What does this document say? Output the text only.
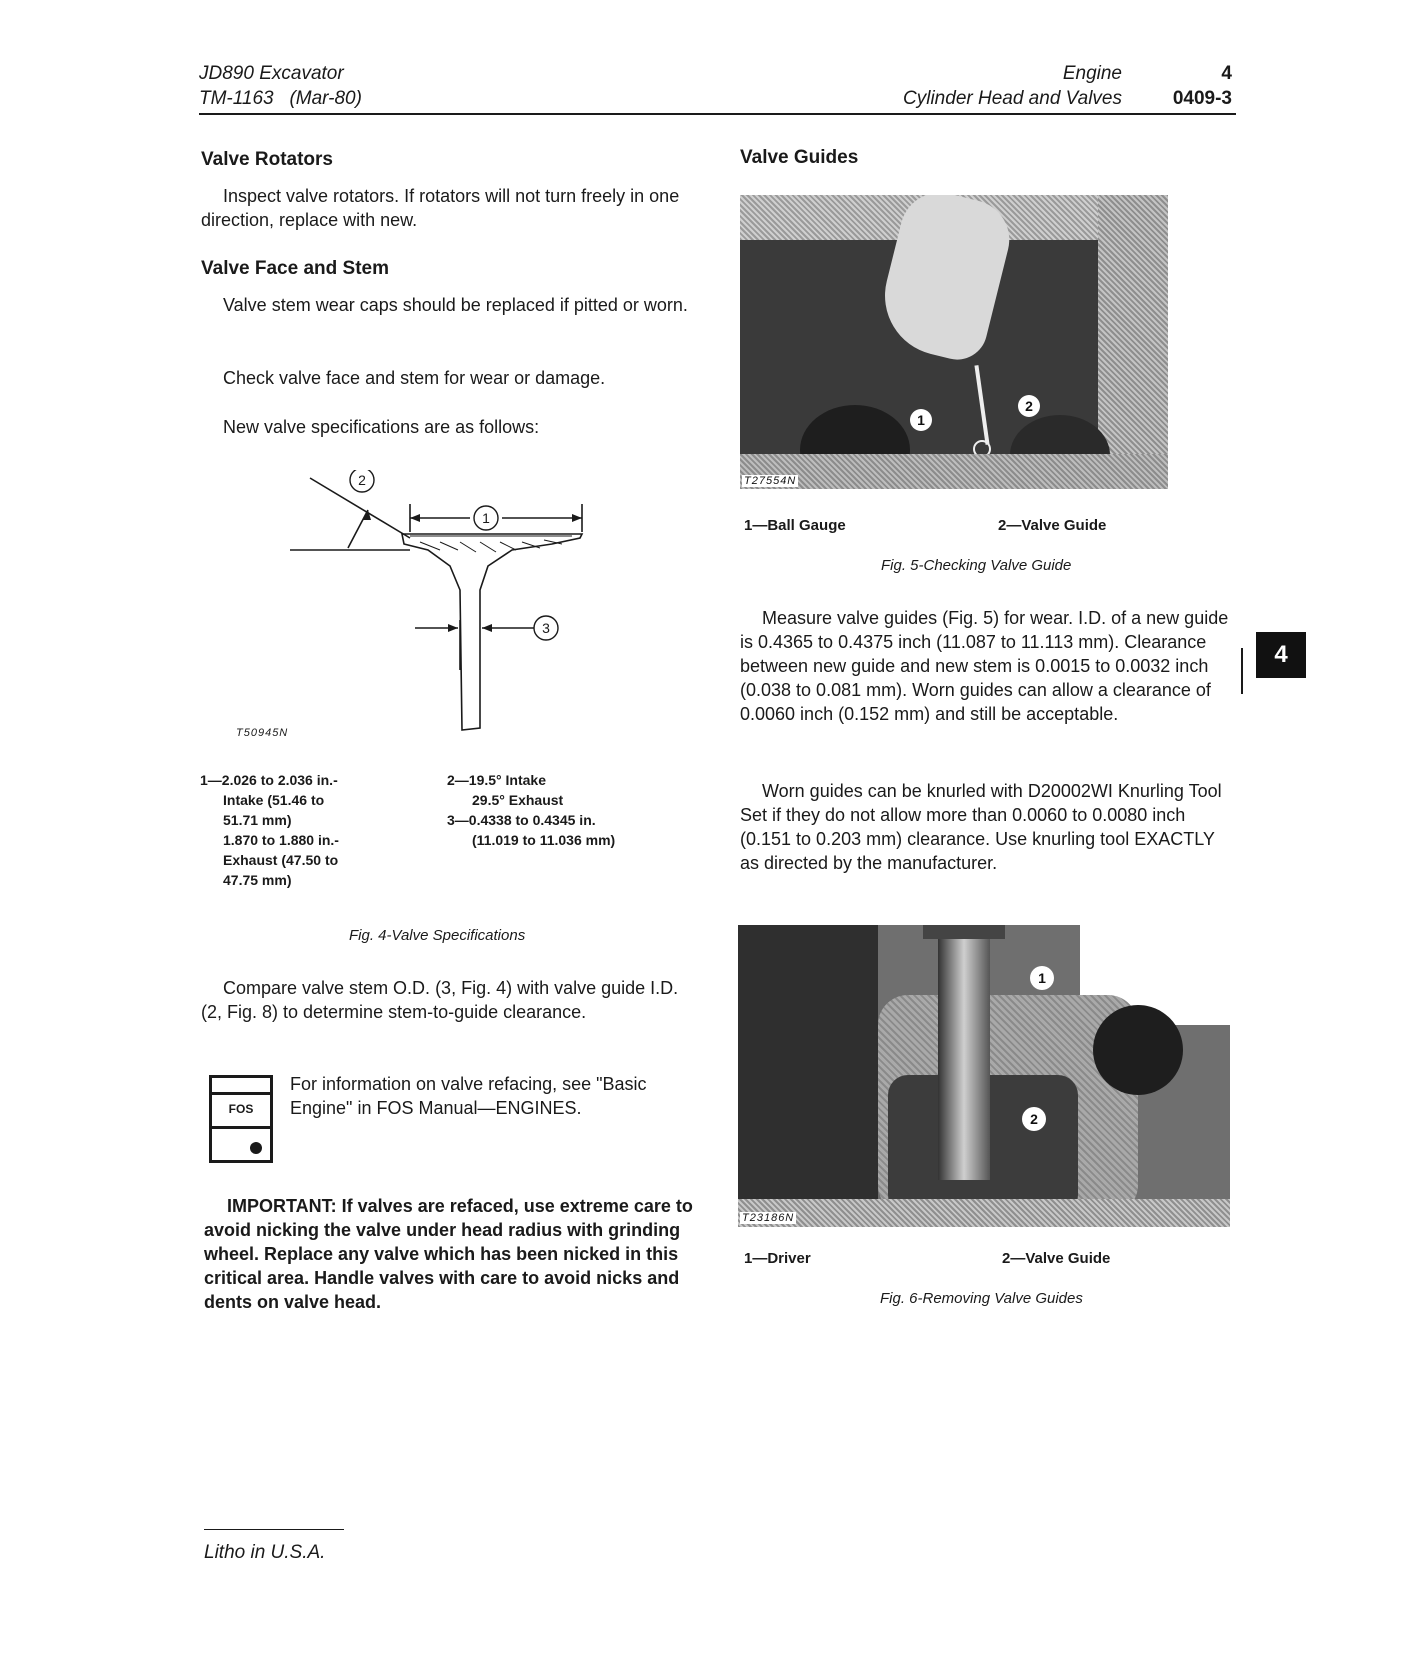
JD890 Excavator
TM-1163   (Mar-80)
Engine
Cylinder Head and Valves
4
0409-3
Valve Rotators
Inspect valve rotators. If rotators will not turn freely in one direction, replace with new.
Valve Face and Stem
Valve stem wear caps should be replaced if pitted or worn.
Check valve face and stem for wear or damage.
New valve specifications are as follows:
1
2
3
T50945N
1—2.026 to 2.036 in.-
Intake (51.46 to
51.71 mm)
1.870 to 1.880 in.-
Exhaust (47.50 to
47.75 mm)
2—19.5° Intake
29.5° Exhaust
3—0.4338 to 0.4345 in.
(11.019 to 11.036 mm)
Fig. 4-Valve Specifications
Compare valve stem O.D. (3, Fig. 4) with valve guide I.D. (2, Fig. 8) to determine stem-to-guide clearance.
FOS
For information on valve refacing, see "Basic Engine" in FOS Manual—ENGINES.
IMPORTANT: If valves are refaced, use extreme care to avoid nicking the valve under head radius with grinding wheel. Replace any valve which has been nicked in this critical area. Handle valves with care to avoid nicks and dents on valve head.
Valve Guides
1
2
T27554N
1—Ball Gauge	2—Valve Guide
Fig. 5-Checking Valve Guide
Measure valve guides (Fig. 5) for wear. I.D. of a new guide is 0.4365 to 0.4375 inch (11.087 to 11.113 mm). Clearance between new guide and new stem is 0.0015 to 0.0032 inch (0.038 to 0.081 mm). Worn guides can allow a clearance of 0.0060 inch (0.152 mm) and still be acceptable.
Worn guides can be knurled with D20002WI Knurling Tool Set if they do not allow more than 0.0060 to 0.0080 inch (0.151 to 0.203 mm) clearance. Use knurling tool EXACTLY as directed by the manufacturer.
1
2
T23186N
1—Driver	2—Valve Guide
Fig. 6-Removing Valve Guides
4
Litho in U.S.A.
